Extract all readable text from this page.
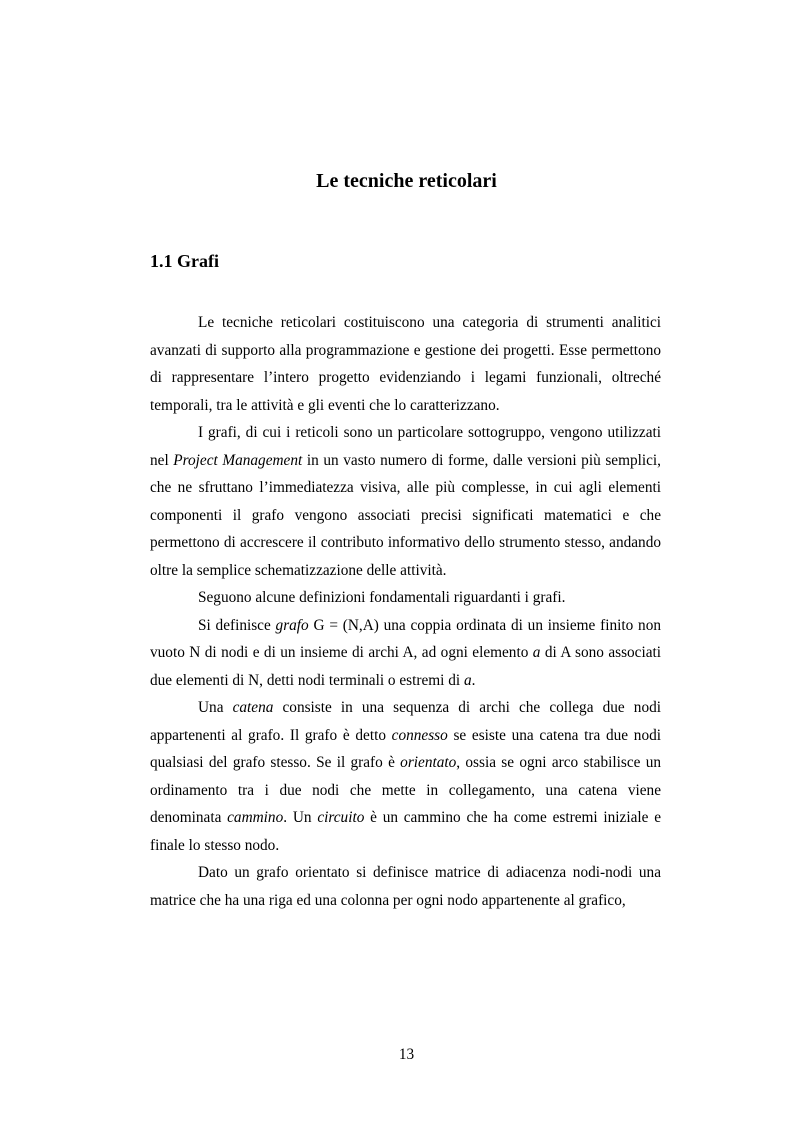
Le tecniche reticolari
1.1 Grafi

Le tecniche reticolari costituiscono una categoria di strumenti analitici avanzati di supporto alla programmazione e gestione dei progetti. Esse permettono di rappresentare l’intero progetto evidenziando i legami funzionali, oltreché temporali, tra le attività e gli eventi che lo caratterizzano.

I grafi, di cui i reticoli sono un particolare sottogruppo, vengono utilizzati nel Project Management in un vasto numero di forme, dalle versioni più semplici, che ne sfruttano l’immediatezza visiva, alle più complesse, in cui agli elementi componenti il grafo vengono associati precisi significati matematici e che permettono di accrescere il contributo informativo dello strumento stesso, andando oltre la semplice schematizzazione delle attività.

Seguono alcune definizioni fondamentali riguardanti i grafi.

Si definisce grafo G = (N,A) una coppia ordinata di un insieme finito non vuoto N di nodi e di un insieme di archi A, ad ogni elemento a di A sono associati due elementi di N, detti nodi terminali o estremi di a.

Una catena consiste in una sequenza di archi che collega due nodi appartenenti al grafo. Il grafo è detto connesso se esiste una catena tra due nodi qualsiasi del grafo stesso. Se il grafo è orientato, ossia se ogni arco stabilisce un ordinamento tra i due nodi che mette in collegamento, una catena viene denominata cammino. Un circuito è un cammino che ha come estremi iniziale e finale lo stesso nodo.

Dato un grafo orientato si definisce matrice di adiacenza nodi-nodi una matrice che ha una riga ed una colonna per ogni nodo appartenente al grafico,

13
